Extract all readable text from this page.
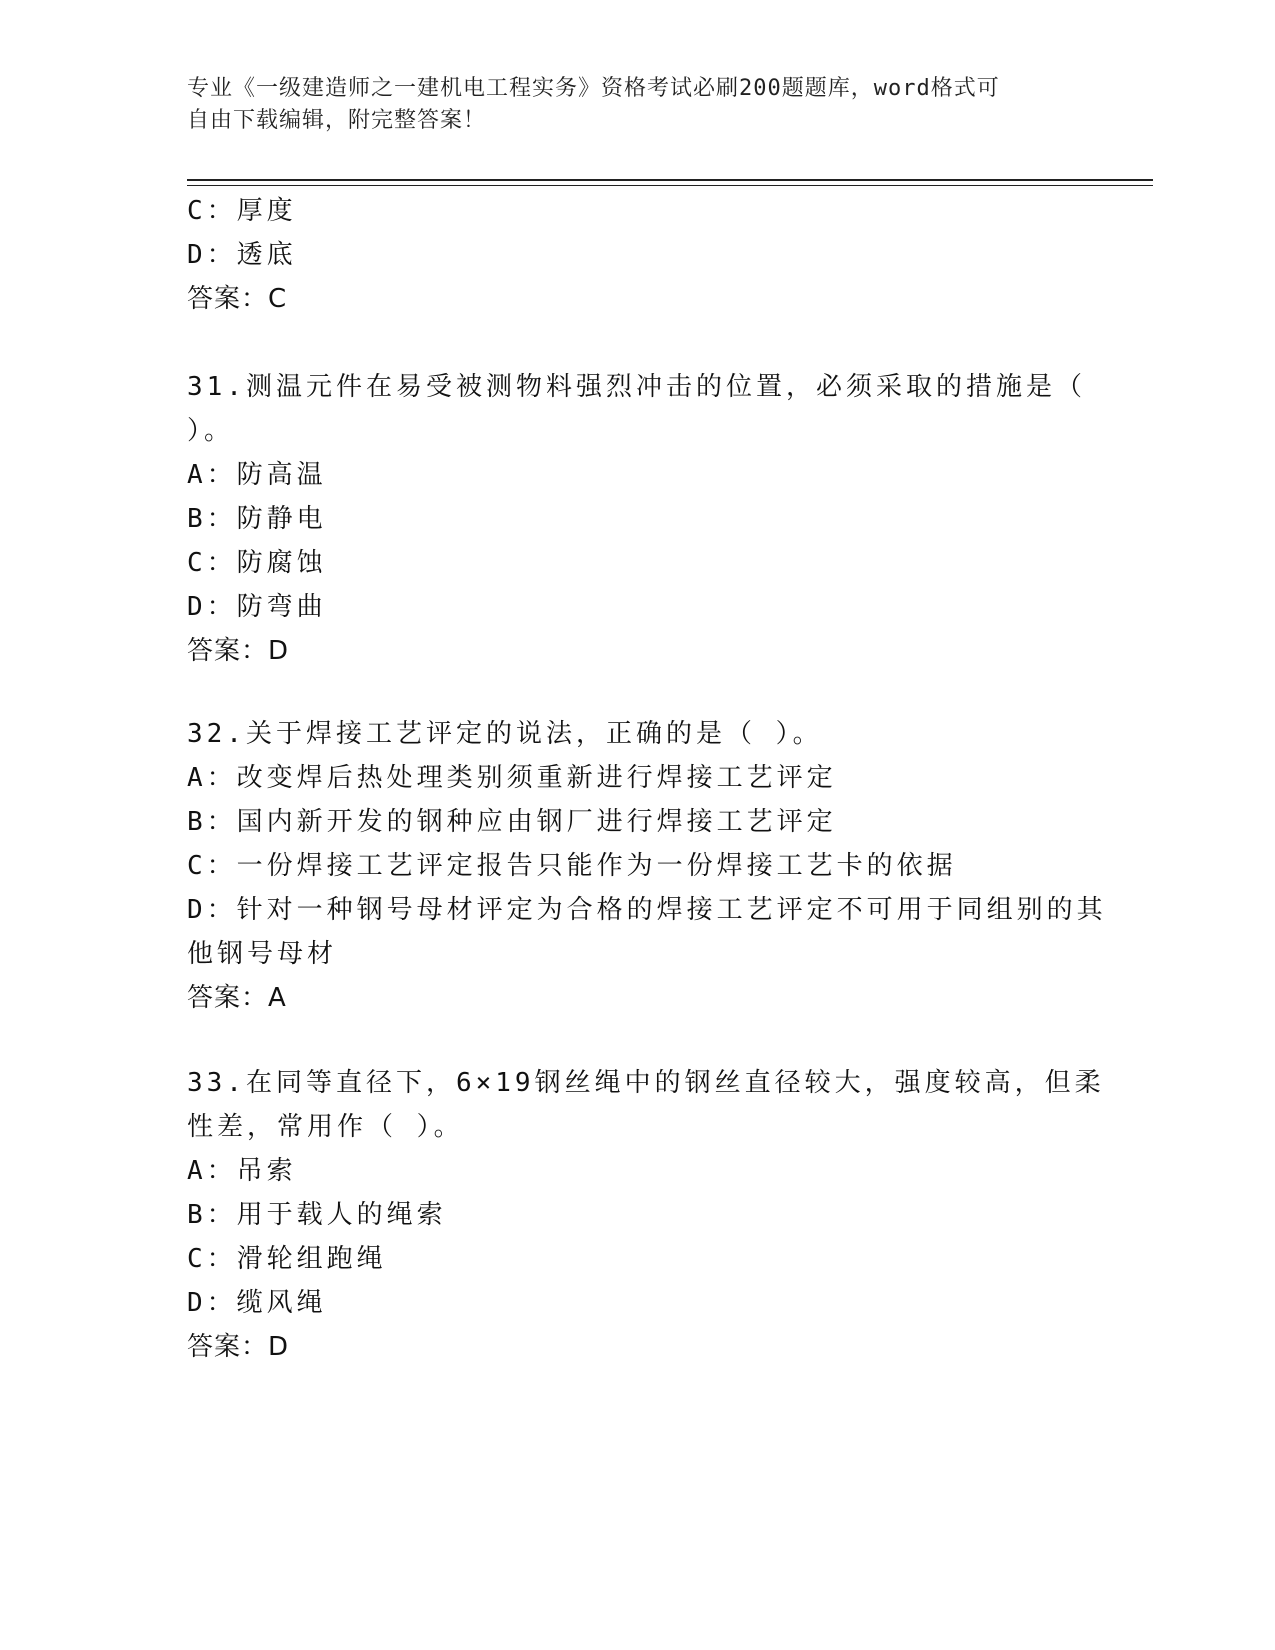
专业《一级建造师之一建机电工程实务》资格考试必刷200题题库，word格式可
自由下载编辑，附完整答案！
C：厚度
D：透底
答案：C
31.测温元件在易受被测物料强烈冲击的位置，必须采取的措施是（
）。
A：防高温
B：防静电
C：防腐蚀
D：防弯曲
答案：D
32.关于焊接工艺评定的说法，正确的是（ ）。
A：改变焊后热处理类别须重新进行焊接工艺评定
B：国内新开发的钢种应由钢厂进行焊接工艺评定
C：一份焊接工艺评定报告只能作为一份焊接工艺卡的依据
D：针对一种钢号母材评定为合格的焊接工艺评定不可用于同组别的其
他钢号母材
答案：A
33.在同等直径下，6×19钢丝绳中的钢丝直径较大，强度较高，但柔
性差，常用作（ ）。
A：吊索
B：用于载人的绳索
C：滑轮组跑绳
D：缆风绳
答案：D
